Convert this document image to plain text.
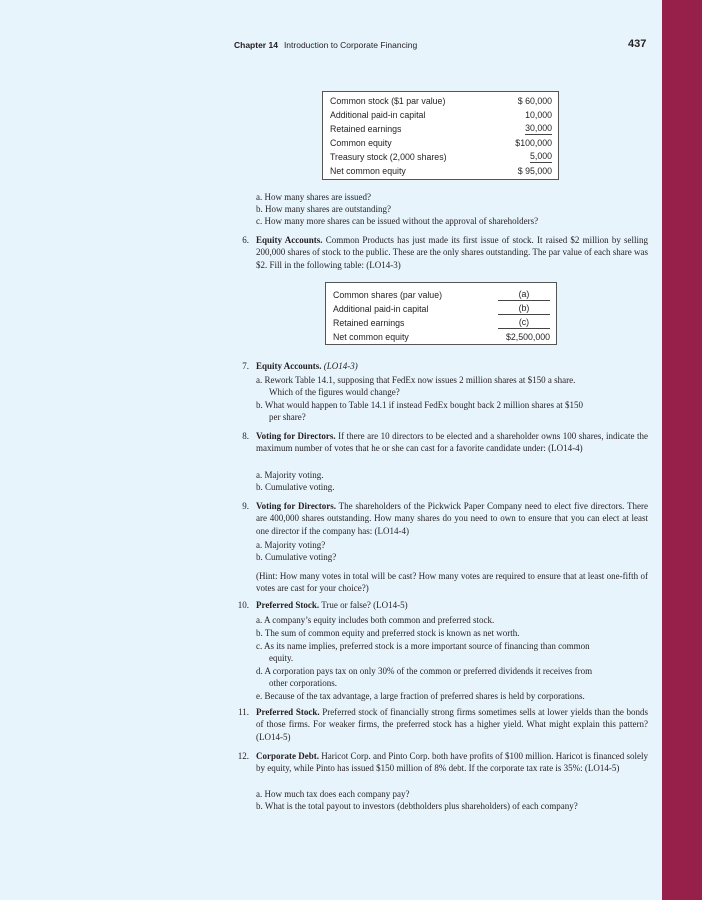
Chapter 14 Introduction to Corporate Financing	437
Common stock ($1 par value)	$ 60,000
Additional paid-in capital	10,000
Retained earnings	30,000
Common equity	$100,000
Treasury stock (2,000 shares)	5,000
Net common equity	$ 95,000
a. How many shares are issued?
b. How many shares are outstanding?
c. How many more shares can be issued without the approval of shareholders?
6. Equity Accounts. Common Products has just made its first issue of stock. It raised $2 million by selling 200,000 shares of stock to the public. These are the only shares outstanding. The par value of each share was $2. Fill in the following table: (LO14-3)
Common shares (par value)	(a)
Additional paid-in capital	(b)
Retained earnings	(c)
Net common equity	$2,500,000
7. Equity Accounts. (LO14-3)
a. Rework Table 14.1, supposing that FedEx now issues 2 million shares at $150 a share.
Which of the figures would change?
b. What would happen to Table 14.1 if instead FedEx bought back 2 million shares at $150
per share?
8. Voting for Directors. If there are 10 directors to be elected and a shareholder owns 100 shares, indicate the maximum number of votes that he or she can cast for a favorite candidate under: (LO14-4)
a. Majority voting.
b. Cumulative voting.
9. Voting for Directors. The shareholders of the Pickwick Paper Company need to elect five directors. There are 400,000 shares outstanding. How many shares do you need to own to ensure that you can elect at least one director if the company has: (LO14-4)
a. Majority voting?
b. Cumulative voting?
(Hint: How many votes in total will be cast? How many votes are required to ensure that at least one-fifth of votes are cast for your choice?)
10. Preferred Stock. True or false? (LO14-5)
a. A company’s equity includes both common and preferred stock.
b. The sum of common equity and preferred stock is known as net worth.
c. As its name implies, preferred stock is a more important source of financing than common
equity.
d. A corporation pays tax on only 30% of the common or preferred dividends it receives from
other corporations.
e. Because of the tax advantage, a large fraction of preferred shares is held by corporations.
11. Preferred Stock. Preferred stock of financially strong firms sometimes sells at lower yields than the bonds of those firms. For weaker firms, the preferred stock has a higher yield. What might explain this pattern? (LO14-5)
12. Corporate Debt. Haricot Corp. and Pinto Corp. both have profits of $100 million. Haricot is financed solely by equity, while Pinto has issued $150 million of 8% debt. If the corporate tax rate is 35%: (LO14-5)
a. How much tax does each company pay?
b. What is the total payout to investors (debtholders plus shareholders) of each company?
